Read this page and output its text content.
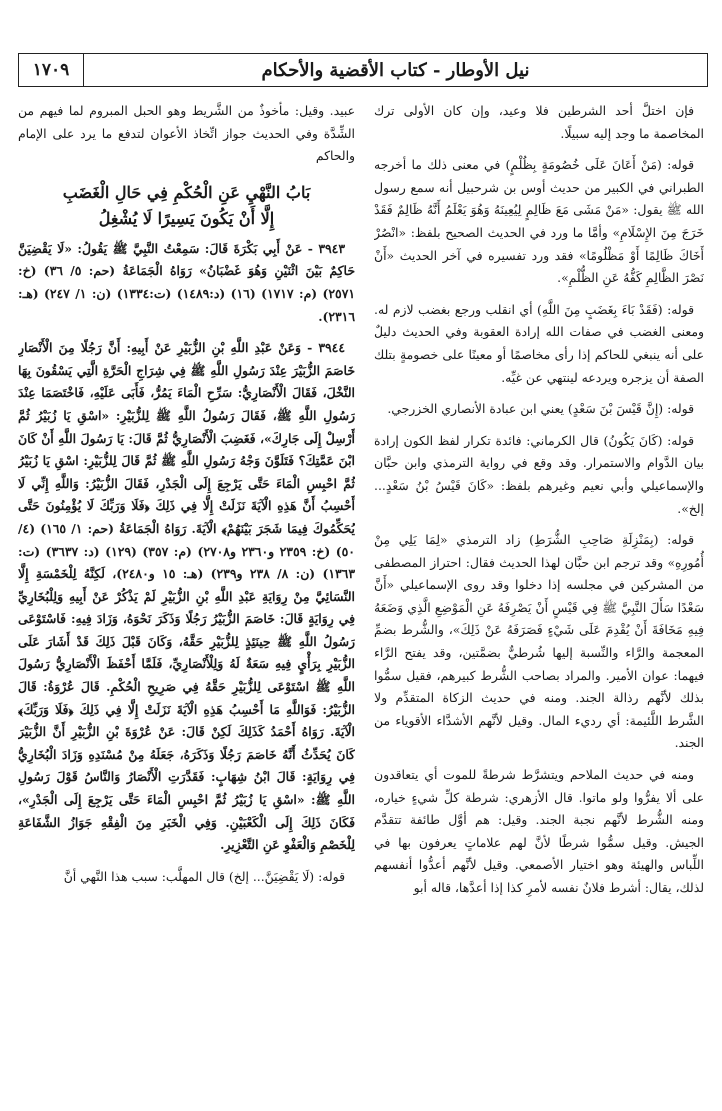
١٧٠٩	نيل الأوطار - كتاب الأقضية والأحكام

فإن اختلَّ أحد الشرطين فلا وعيد، وإن كان الأولى ترك المخاصمة ما وجد إليه سبيلًا.

قوله: (مَنْ أَعَانَ عَلَى خُصُومَةٍ بِظُلْمٍ) في معنى ذلك ما أخرجه الطبراني في الكبير من حديث أوس بن شرحبيل أنه سمع رسول الله ﷺ يقول: «مَنْ مَشَى مَعَ ظَالِمٍ لِيُعِينَهُ وَهُوَ يَعْلَمُ أَنَّهُ ظَالِمٌ فَقَدْ خَرَجَ مِنَ الإِسْلَامِ» وأمَّا ما ورد في الحديث الصحيح بلفظ: «انْصُرْ أَخَاكَ ظَالِمًا أَوْ مَظْلُومًا» فقد ورد تفسيره في آخر الحديث «أَنْ نَصْرَ الظَّالِمِ كَفُّهُ عَنِ الظُّلْمِ».

قوله: (فَقَدْ بَاءَ بِغَضَبٍ مِنَ اللَّهِ) أي انقلب ورجع بغضب لازم له. ومعنى الغضب في صفات الله إرادة العقوبة وفي الحديث دليلٌ على أنه ينبغي للحاكم إذا رأى مخاصمًا أو معينًا على خصومةٍ بتلك الصفة أن يزجره ويردعه لينتهي عن غيِّه.

قوله: (إِنَّ قَيْسَ بْنَ سَعْدٍ) يعني ابن عبادة الأنصاري الخزرجي.

قوله: (كَانَ يَكُونُ) قال الكرماني: فائدة تكرار لفظ الكون إرادة بيان الدَّوام والاستمرار. وقد وقع في رواية الترمذي وابن حبَّان والإسماعيلي وأبي نعيم وغيرهم بلفظ: «كَانَ قَيْسُ بْنُ سَعْدٍ... إلخ».

قوله: (بِمَنْزِلَةِ صَاحِبِ الشُّرَطِ) زاد الترمذي «لِمَا يَلِي مِنْ أُمُورِهِ» وقد ترجم ابن حبَّان لهذا الحديث فقال: احتراز المصطفى من المشركين في مجلسه إذا دخلوا وقد روى الإسماعيلي «أَنَّ سَعْدًا سَأَلَ النَّبِيَّ ﷺ فِي قَيْسٍ أَنْ يَصْرِفَهُ عَنِ الْمَوْضِعِ الَّذِي وَضَعَهُ فِيهِ مَخَافَةَ أَنْ يُقْدِمَ عَلَى شَيْءٍ فَصَرَفَهُ عَنْ ذَلِكَ»، والشُّرط بضمِّ المعجمة والرَّاء والنِّسبة إليها شُرطيٌّ بضمَّتين، وقد يفتح الرَّاء فيهما: عوان الأمير. والمراد بصاحب الشُّرط كبيرهم، فقيل سمُّوا بذلك لأنَّهم رذالة الجند. ومنه في حديث الزكاة المتقدِّم ولا الشَّرط اللَّئيمة: أي رديء المال. وقيل لأنَّهم الأشدَّاء الأقوياء من الجند.

ومنه في حديث الملاحم ويتشرَّط شرطةً للموت أي يتعاقدون على ألا يفرُّوا ولو ماتوا. قال الأزهري: شرطة كلِّ شيءٍ خياره، ومنه الشُّرط لأنَّهم نجبة الجند. وقيل: هم أوَّل طائفة تتقدَّم الجيش. وقيل سمُّوا شرطًا لأنَّ لهم علاماتٍ يعرفون بها في اللِّباس والهيئة وهو اختيار الأصمعي. وقيل لأنَّهم أعدُّوا أنفسهم لذلك، يقال: أشرط فلانٌ نفسه لأمرِ كذا إذا أعدَّها، قاله أبو

عبيد. وقيل: مأخوذٌ من الشَّريط وهو الحبل المبروم لما فيهم من الشِّدَّة وفي الحديث جواز اتِّخاذ الأعوان لتدفع ما يرد على الإمام والحاكم

بَابُ النَّهْيِ عَنِ الْحُكْمِ فِي حَالِ الْغَضَبِ
إِلَّا أَنْ يَكُونَ يَسِيرًا لَا يُشْغِلُ

٣٩٤٣ - عَنْ أَبِي بَكْرَةَ قَالَ: سَمِعْتُ النَّبِيَّ ﷺ يَقُولُ: «لَا يَقْضِيَنَّ حَاكِمٌ بَيْنَ اثْنَيْنِ وَهُوَ غَضْبَانُ» رَوَاهُ الْجَمَاعَةُ (حم: ٥/ ٣٦) (خ: ٢٥٧١) (م: ١٧١٧) (١٦) (د:١٤٨٩) (ت:١٣٣٤) (ن: ١/ ٢٤٧) (هـ: ٢٣١٦).

٣٩٤٤ - وَعَنْ عَبْدِ اللَّهِ بْنِ الزُّبَيْرِ عَنْ أَبِيهِ: أَنَّ رَجُلًا مِنَ الْأَنْصَارِ خَاصَمَ الزُّبَيْرَ عِنْدَ رَسُولِ اللَّهِ ﷺ فِي شِرَاجِ الْحَرَّةِ الَّتِي يَسْقُونَ بِهَا النَّخْلَ، فَقَالَ الْأَنْصَارِيُّ: سَرِّحِ الْمَاءَ يَمُرُّ، فَأَبَى عَلَيْهِ، فَاخْتَصَمَا عِنْدَ رَسُولِ اللَّهِ ﷺ، فَقَالَ رَسُولُ اللَّهِ ﷺ لِلزُّبَيْرِ: «اسْقِ يَا زُبَيْرُ ثُمَّ أَرْسِلْ إِلَى جَارِكَ»، فَغَضِبَ الْأَنْصَارِيُّ ثُمَّ قَالَ: يَا رَسُولَ اللَّهِ أَنْ كَانَ ابْنَ عَمَّتِكَ؟ فَتَلَوَّنَ وَجْهُ رَسُولِ اللَّهِ ﷺ ثُمَّ قَالَ لِلزُّبَيْرِ: اسْقِ يَا زُبَيْرُ ثُمَّ احْبِسِ الْمَاءَ حَتَّى يَرْجِعَ إِلَى الْجَدْرِ، فَقَالَ الزُّبَيْرُ: وَاللَّهِ إِنِّي لَا أَحْسِبُ أَنَّ هَذِهِ الْآيَةَ نَزَلَتْ إِلَّا فِي ذَلِكَ ﴿فَلَا وَرَبِّكَ لَا يُؤْمِنُونَ حَتَّى يُحَكِّمُوكَ فِيمَا شَجَرَ بَيْنَهُمْ﴾ الْآيَةَ. رَوَاهُ الْجَمَاعَةُ (حم: ١/ ١٦٥) (٤/ ٥٠) (خ: ٢٣٥٩ و٢٣٦٠ و٢٧٠٨) (م: ٣٥٧) (١٢٩) (د: ٣٦٣٧) (ت: ١٣٦٣) (ن: ٨/ ٢٣٨ و٢٣٩) (هـ: ١٥ و٢٤٨٠)، لَكِنَّهُ لِلْخَمْسَةِ إِلَّا النَّسَائِيَّ مِنْ رِوَايَةِ عَبْدِ اللَّهِ بْنِ الزُّبَيْرِ لَمْ يَذْكُرْ عَنْ أَبِيهِ وَلِلْبُخَارِيِّ فِي رِوَايَةٍ قَالَ: خَاصَمَ الزُّبَيْرُ رَجُلًا وَذَكَرَ نَحْوَهُ، وَزَادَ فِيهِ: فَاسْتَوْعَى رَسُولُ اللَّهِ ﷺ حِينَئِذٍ لِلزُّبَيْرِ حَقَّهُ، وَكَانَ قَبْلَ ذَلِكَ قَدْ أَشَارَ عَلَى الزُّبَيْرِ بِرَأْيٍ فِيهِ سَعَةٌ لَهُ وَلِلْأَنْصَارِيِّ، فَلَمَّا أَحْفَظَ الْأَنْصَارِيُّ رَسُولَ اللَّهِ ﷺ اسْتَوْعَى لِلزُّبَيْرِ حَقَّهُ فِي صَرِيحِ الْحُكْمِ. قَالَ عُرْوَةُ: قَالَ الزُّبَيْرُ: فَوَاللَّهِ مَا أَحْسِبُ هَذِهِ الْآيَةَ نَزَلَتْ إِلَّا فِي ذَلِكَ ﴿فَلَا وَرَبِّكَ﴾ الْآيَةَ. رَوَاهُ أَحْمَدُ كَذَلِكَ لَكِنْ قَالَ: عَنْ عُرْوَةَ بْنِ الزُّبَيْرِ أَنَّ الزُّبَيْرَ كَانَ يُحَدِّثُ أَنَّهُ خَاصَمَ رَجُلًا وَذَكَرَهُ، جَعَلَهُ مِنْ مُسْنَدِهِ وَزَادَ الْبُخَارِيُّ فِي رِوَايَةٍ: قَالَ ابْنُ شِهَابٍ: فَقَدَّرَتِ الْأَنْصَارُ وَالنَّاسُ قَوْلَ رَسُولِ اللَّهِ ﷺ: «اسْقِ يَا زُبَيْرُ ثُمَّ احْبِسِ الْمَاءَ حَتَّى يَرْجِعَ إِلَى الْجَدْرِ»، فَكَانَ ذَلِكَ إِلَى الْكَعْبَيْنِ. وَفِي الْخَبَرِ مِنَ الْفِقْهِ جَوَازُ الشَّفَاعَةِ لِلْخَصْمِ وَالْعَفْوِ عَنِ التَّعْزِيرِ.

قوله: (لَا يَقْضِيَنَّ... إلخ) قال المهلَّب: سبب هذا النَّهي أنَّ
